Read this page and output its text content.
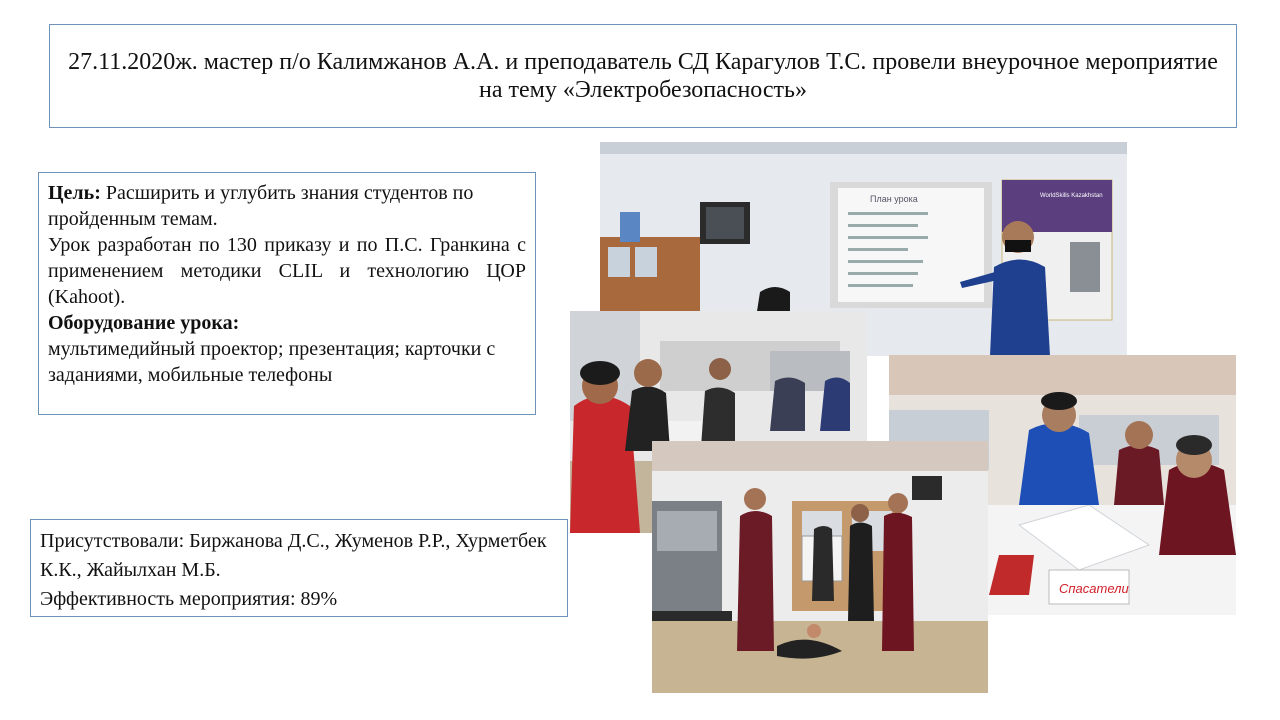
27.11.2020ж. мастер п/о Калимжанов А.А. и преподаватель СД Карагулов Т.С. провели внеурочное мероприятие на тему «Электробезопасность»

Цель: Расширить и углубить знания студентов по пройденным темам.

Урок разработан по 130 приказу и по П.С. Гранкина с применением методики CLIL и технологию ЦОР (Kahoot).

Оборудование урока:

мультимедийный проектор; презентация; карточки с заданиями, мобильные телефоны

Присутствовали: Биржанова Д.С., Жуменов Р.Р., Хурметбек К.К., Жайылхан М.Б.

Эффективность мероприятия: 89%

План урока	WorldSkills Kazakhstan
Спасатели
